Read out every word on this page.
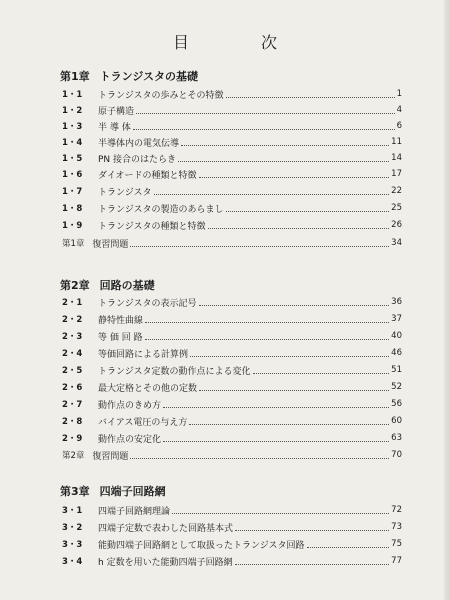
目　次
第1章 トランジスタの基礎
1・1	トランジスタの歩みとその特徴	1
1・2	原子構造	4
1・3	半 導 体	6
1・4	半導体内の電気伝導	11
1・5	PN 接合のはたらき	14
1・6	ダイオードの種類と特徴	17
1・7	トランジスタ	22
1・8	トランジスタの製造のあらまし	25
1・9	トランジスタの種類と特徴	26
第1章 復習問題	34
第2章 回路の基礎
2・1	トランジスタの表示記号	36
2・2	静特性曲線	37
2・3	等 価 回 路	40
2・4	等価回路による計算例	46
2・5	トランジスタ定数の動作点による変化	51
2・6	最大定格とその他の定数	52
2・7	動作点のきめ方	56
2・8	バイアス電圧の与え方	60
2・9	動作点の安定化	63
第2章 復習問題	70
第3章 四端子回路網
3・1	四端子回路網理論	72
3・2	四端子定数で表わした回路基本式	73
3・3	能動四端子回路網として取扱ったトランジスタ回路	75
3・4	h 定数を用いた能動四端子回路網	77
